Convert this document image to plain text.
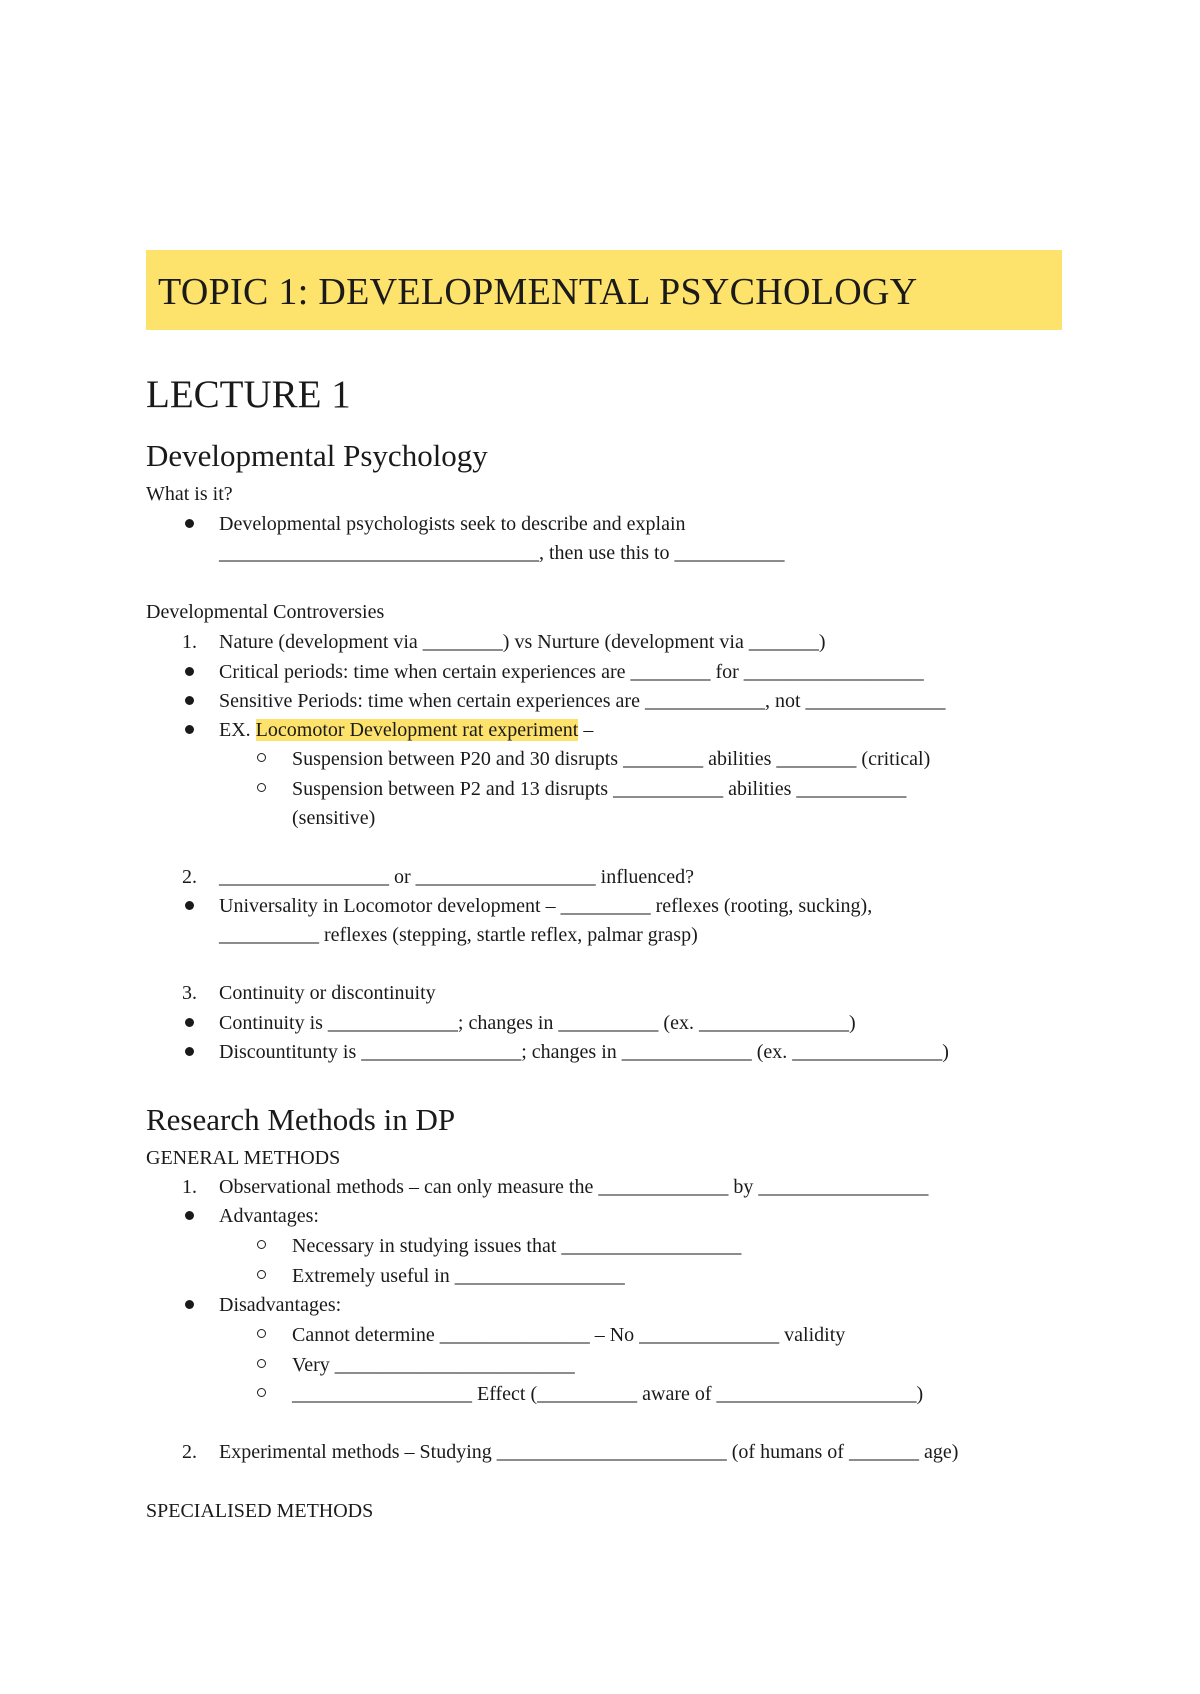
TOPIC 1: DEVELOPMENTAL PSYCHOLOGY
LECTURE 1
Developmental Psychology
What is it?
Developmental psychologists seek to describe and explain
________________________________, then use this to ___________
Developmental Controversies
1. Nature (development via ________) vs Nurture (development via _______)
Critical periods: time when certain experiences are ________ for __________________
Sensitive Periods: time when certain experiences are ____________, not ______________
EX. Locomotor Development rat experiment –
Suspension between P20 and 30 disrupts ________ abilities ________ (critical)
Suspension between P2 and 13 disrupts ___________ abilities ___________
(sensitive)
2. _________________ or __________________ influenced?
Universality in Locomotor development – _________ reflexes (rooting, sucking),
__________ reflexes (stepping, startle reflex, palmar grasp)
3. Continuity or discontinuity
Continuity is _____________; changes in __________ (ex. _______________)
Discountitunty is ________________; changes in _____________ (ex. _______________)
Research Methods in DP
GENERAL METHODS
1. Observational methods – can only measure the _____________ by _________________
Advantages:
Necessary in studying issues that __________________
Extremely useful in _________________
Disadvantages:
Cannot determine _______________ – No ______________ validity
Very ________________________
__________________ Effect (__________ aware of ____________________)
2. Experimental methods – Studying _______________________ (of humans of _______ age)
SPECIALISED METHODS
